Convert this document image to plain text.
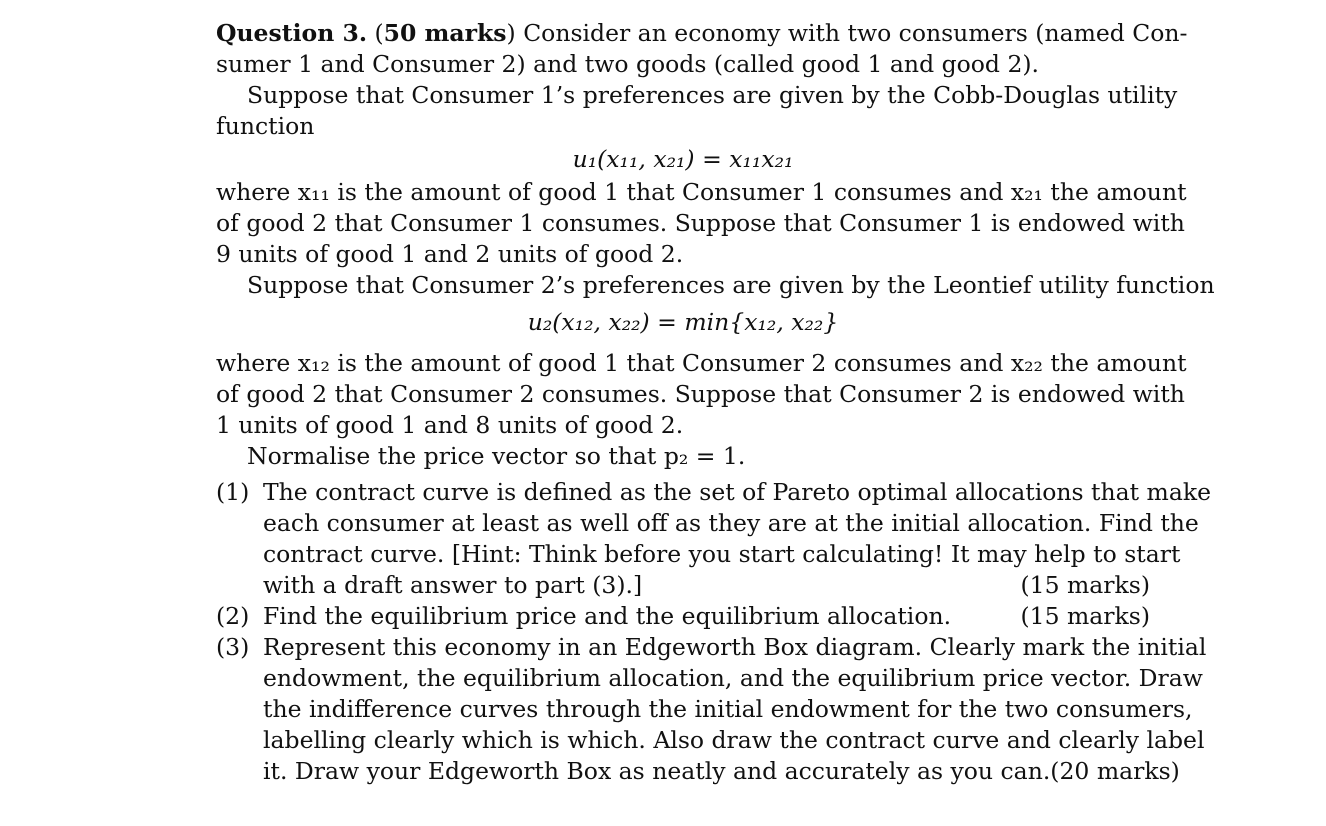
Question 3. (50 marks) Consider an economy with two consumers (named Con-
sumer 1 and Consumer 2) and two goods (called good 1 and good 2).
Suppose that Consumer 1’s preferences are given by the Cobb-Douglas utility
function
u₁(x₁₁, x₂₁) = x₁₁x₂₁
where x₁₁ is the amount of good 1 that Consumer 1 consumes and x₂₁ the amount
of good 2 that Consumer 1 consumes. Suppose that Consumer 1 is endowed with
9 units of good 1 and 2 units of good 2.
Suppose that Consumer 2’s preferences are given by the Leontief utility function
u₂(x₁₂, x₂₂) = min{x₁₂, x₂₂}
where x₁₂ is the amount of good 1 that Consumer 2 consumes and x₂₂ the amount
of good 2 that Consumer 2 consumes. Suppose that Consumer 2 is endowed with
1 units of good 1 and 8 units of good 2.
Normalise the price vector so that p₂ = 1.
(1) The contract curve is defined as the set of Pareto optimal allocations that make
each consumer at least as well off as they are at the initial allocation. Find the
contract curve. [Hint: Think before you start calculating! It may help to start
with a draft answer to part (3).]	(15 marks)
(2) Find the equilibrium price and the equilibrium allocation.	(15 marks)
(3) Represent this economy in an Edgeworth Box diagram. Clearly mark the initial
endowment, the equilibrium allocation, and the equilibrium price vector. Draw
the indifference curves through the initial endowment for the two consumers,
labelling clearly which is which. Also draw the contract curve and clearly label
it. Draw your Edgeworth Box as neatly and accurately as you can. (20 marks)
